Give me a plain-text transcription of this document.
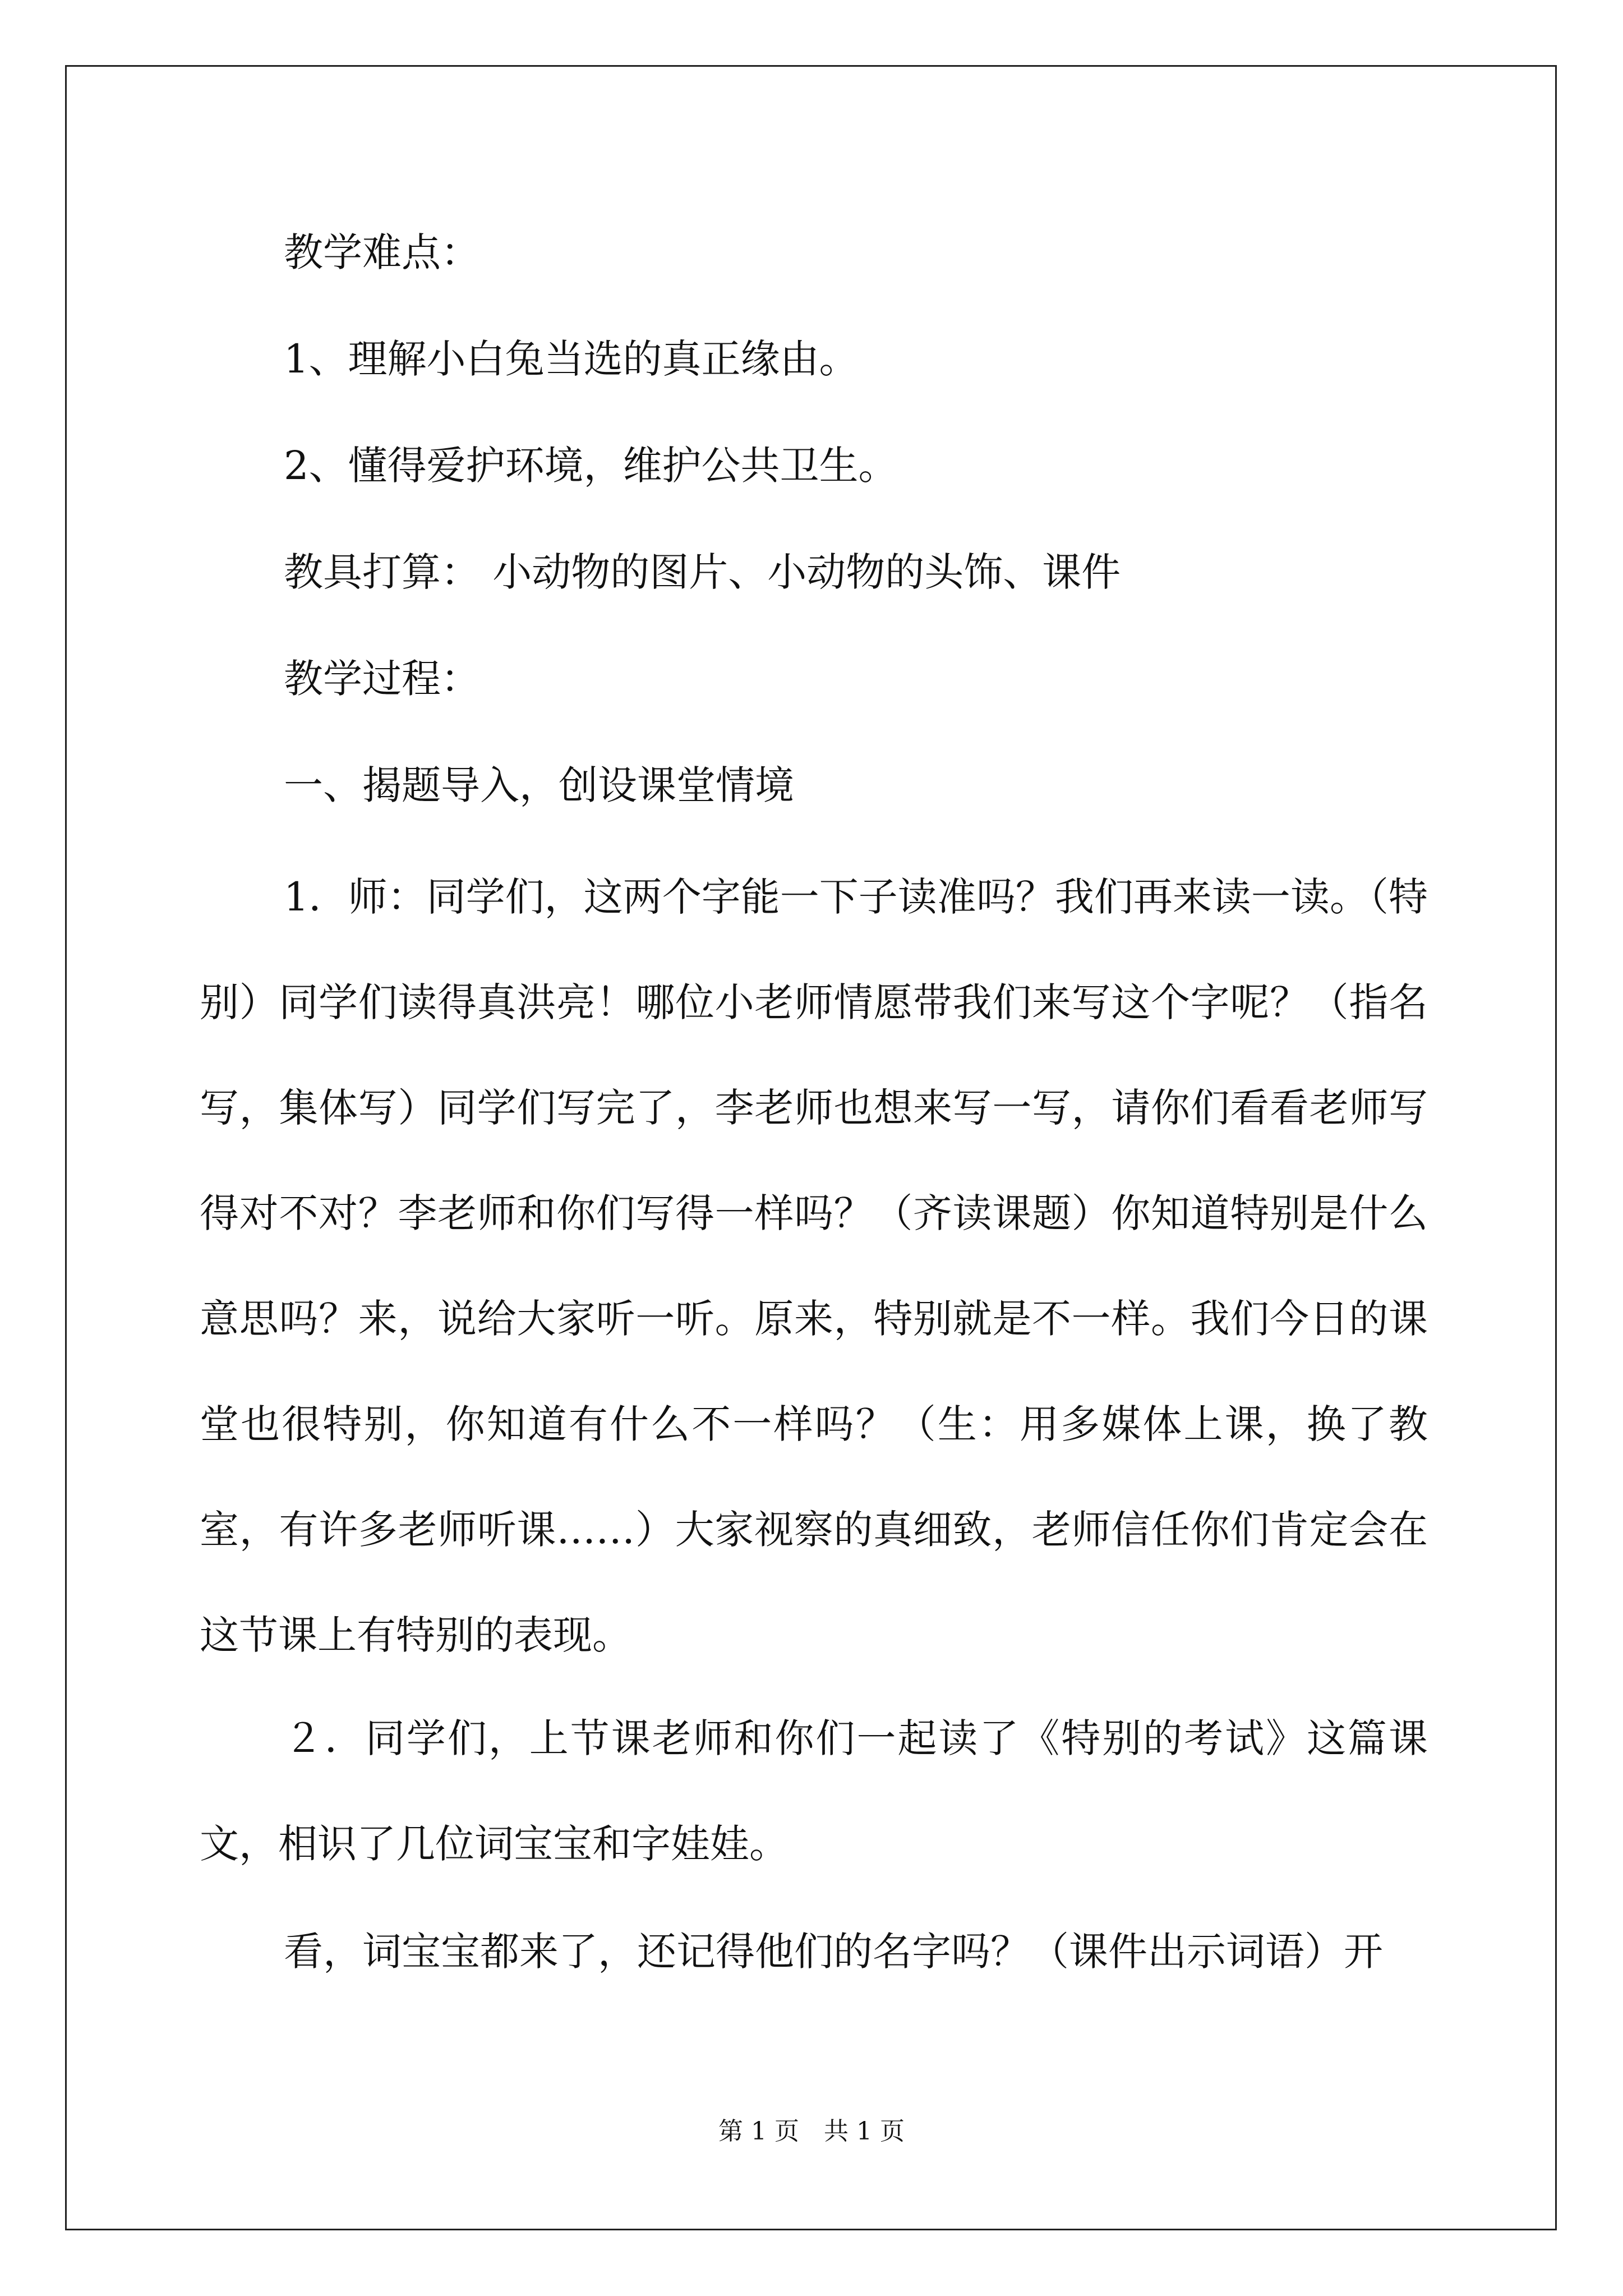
教学难点：
1、理解小白兔当选的真正缘由。
2、懂得爱护环境，维护公共卫生。
教具打算： 小动物的图片、小动物的头饰、课件
教学过程：
一、揭题导入，创设课堂情境

1．师：同学们，这两个字能一下子读准吗？我们再来读一读。（特别）同学们读得真洪亮！哪位小老师情愿带我们来写这个字呢？（指名写，集体写）同学们写完了，李老师也想来写一写，请你们看看老师写得对不对？李老师和你们写得一样吗？（齐读课题）你知道特别是什么意思吗？来，说给大家听一听。原来，特别就是不一样。我们今日的课堂也很特别，你知道有什么不一样吗？（生：用多媒体上课，换了教室，有许多老师听课……）大家视察的真细致，老师信任你们肯定会在这节课上有特别的表现。

２．同学们，上节课老师和你们一起读了《特别的考试》这篇课文，相识了几位词宝宝和字娃娃。

看，词宝宝都来了，还记得他们的名字吗？（课件出示词语）开

第 1 页　共 1 页
